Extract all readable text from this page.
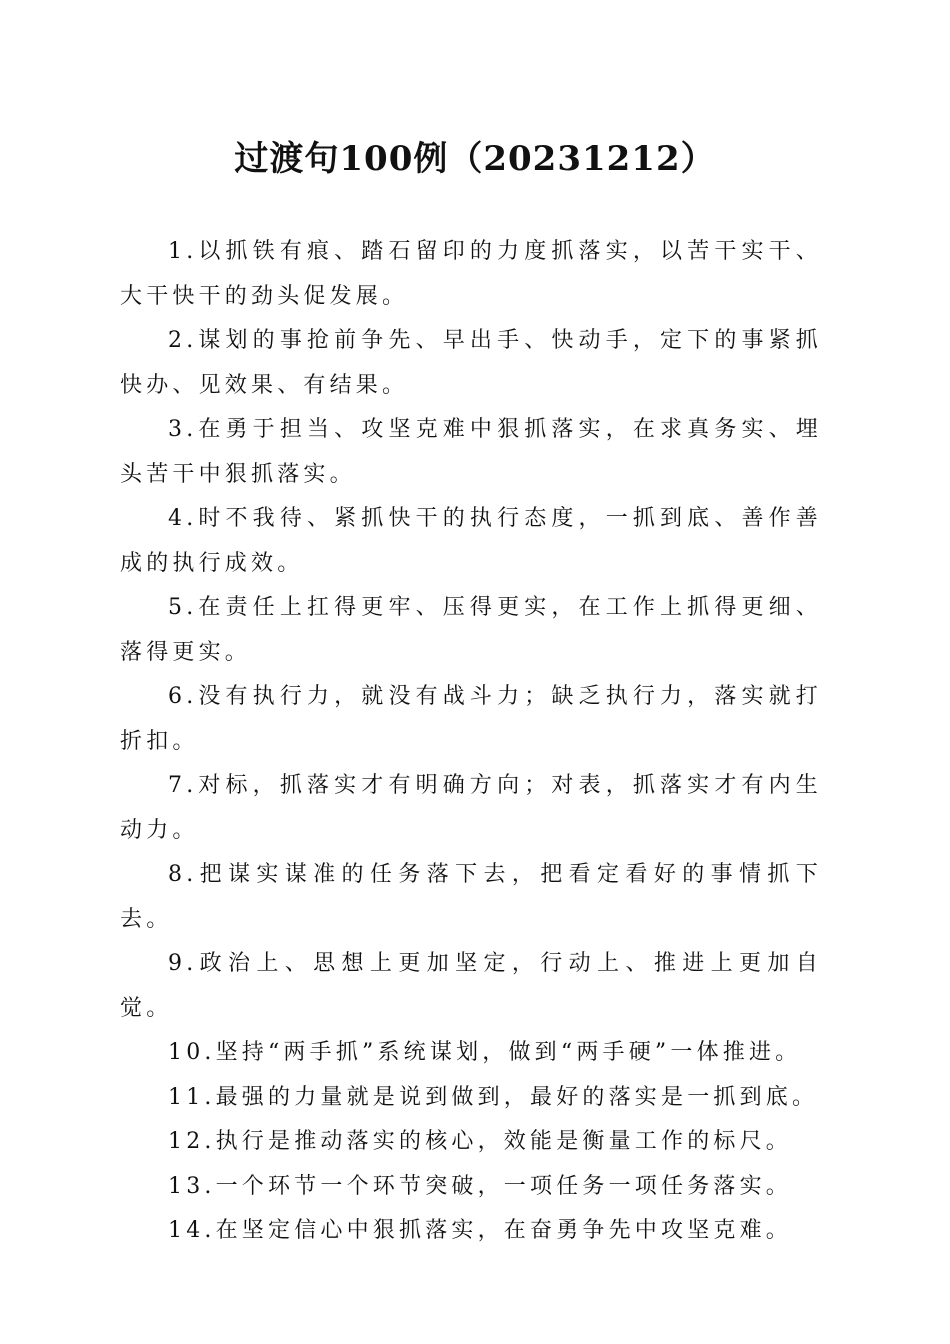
过渡句100例（20231212）

1.以抓铁有痕、踏石留印的力度抓落实，以苦干实干、大干快干的劲头促发展。

2.谋划的事抢前争先、早出手、快动手，定下的事紧抓快办、见效果、有结果。

3.在勇于担当、攻坚克难中狠抓落实，在求真务实、埋头苦干中狠抓落实。

4.时不我待、紧抓快干的执行态度，一抓到底、善作善成的执行成效。

5.在责任上扛得更牢、压得更实，在工作上抓得更细、落得更实。

6.没有执行力，就没有战斗力；缺乏执行力，落实就打折扣。

7.对标，抓落实才有明确方向；对表，抓落实才有内生动力。

8.把谋实谋准的任务落下去，把看定看好的事情抓下去。

9.政治上、思想上更加坚定，行动上、推进上更加自觉。

10.坚持“两手抓”系统谋划，做到“两手硬”一体推进。

11.最强的力量就是说到做到，最好的落实是一抓到底。

12.执行是推动落实的核心，效能是衡量工作的标尺。

13.一个环节一个环节突破，一项任务一项任务落实。

14.在坚定信心中狠抓落实，在奋勇争先中攻坚克难。
